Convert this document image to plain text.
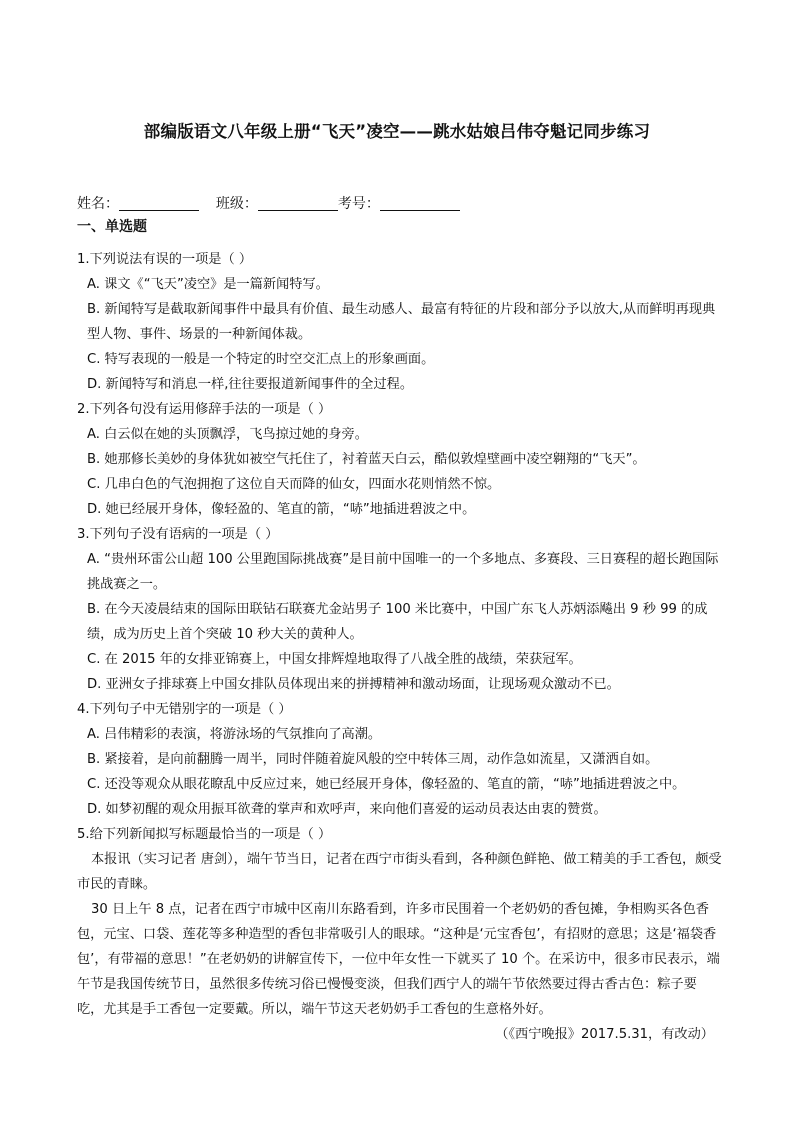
部编版语文八年级上册“飞天”凌空——跳水姑娘吕伟夺魁记同步练习
姓名：	班级：	考号：
一、单选题

1.下列说法有误的一项是（ ）

A. 课文《“飞天”凌空》是一篇新闻特写。

B. 新闻特写是截取新闻事件中最具有价值、最生动感人、最富有特征的片段和部分予以放大,从而鲜明再现典型人物、事件、场景的一种新闻体裁。

C. 特写表现的一般是一个特定的时空交汇点上的形象画面。

D. 新闻特写和消息一样,往往要报道新闻事件的全过程。

2.下列各句没有运用修辞手法的一项是（ ）

A. 白云似在她的头顶飘浮，飞鸟掠过她的身旁。

B. 她那修长美妙的身体犹如被空气托住了，衬着蓝天白云，酷似敦煌壁画中凌空翱翔的“飞天”。

C. 几串白色的气泡拥抱了这位自天而降的仙女，四面水花则悄然不惊。

D. 她已经展开身体，像轻盈的、笔直的箭，“哧”地插进碧波之中。

3.下列句子没有语病的一项是（ ）

A. “贵州环雷公山超 100 公里跑国际挑战赛”是目前中国唯一的一个多地点、多赛段、三日赛程的超长跑国际挑战赛之一。

B. 在今天凌晨结束的国际田联钻石联赛尤金站男子 100 米比赛中，中国广东飞人苏炳添飚出 9 秒 99 的成绩，成为历史上首个突破 10 秒大关的黄种人。

C. 在 2015 年的女排亚锦赛上，中国女排辉煌地取得了八战全胜的战绩，荣获冠军。

D. 亚洲女子排球赛上中国女排队员体现出来的拼搏精神和激动场面，让现场观众激动不已。

4.下列句子中无错别字的一项是（ ）

A. 吕伟精彩的表演，将游泳场的气氛推向了高潮。

B. 紧接着，是向前翻腾一周半，同时伴随着旋风般的空中转体三周，动作急如流星，又潇洒自如。

C. 还没等观众从眼花瞭乱中反应过来，她已经展开身体，像轻盈的、笔直的箭，“哧”地插进碧波之中。

D. 如梦初醒的观众用振耳欲聋的掌声和欢呼声，来向他们喜爱的运动员表达由衷的赞赏。

5.给下列新闻拟写标题最恰当的一项是（ ）

本报讯（实习记者 唐剑），端午节当日，记者在西宁市街头看到，各种颜色鲜艳、做工精美的手工香包，颇受市民的青睐。

30 日上午 8 点，记者在西宁市城中区南川东路看到，许多市民围着一个老奶奶的香包摊，争相购买各色香包，元宝、口袋、莲花等多种造型的香包非常吸引人的眼球。“这种是‘元宝香包’，有招财的意思；这是‘福袋香包’，有带福的意思！”在老奶奶的讲解宣传下，一位中年女性一下就买了 10 个。在采访中，很多市民表示，端午节是我国传统节日，虽然很多传统习俗已慢慢变淡，但我们西宁人的端午节依然要过得古香古色：粽子要吃，尤其是手工香包一定要戴。所以，端午节这天老奶奶手工香包的生意格外好。

（《西宁晚报》2017.5.31，有改动）
